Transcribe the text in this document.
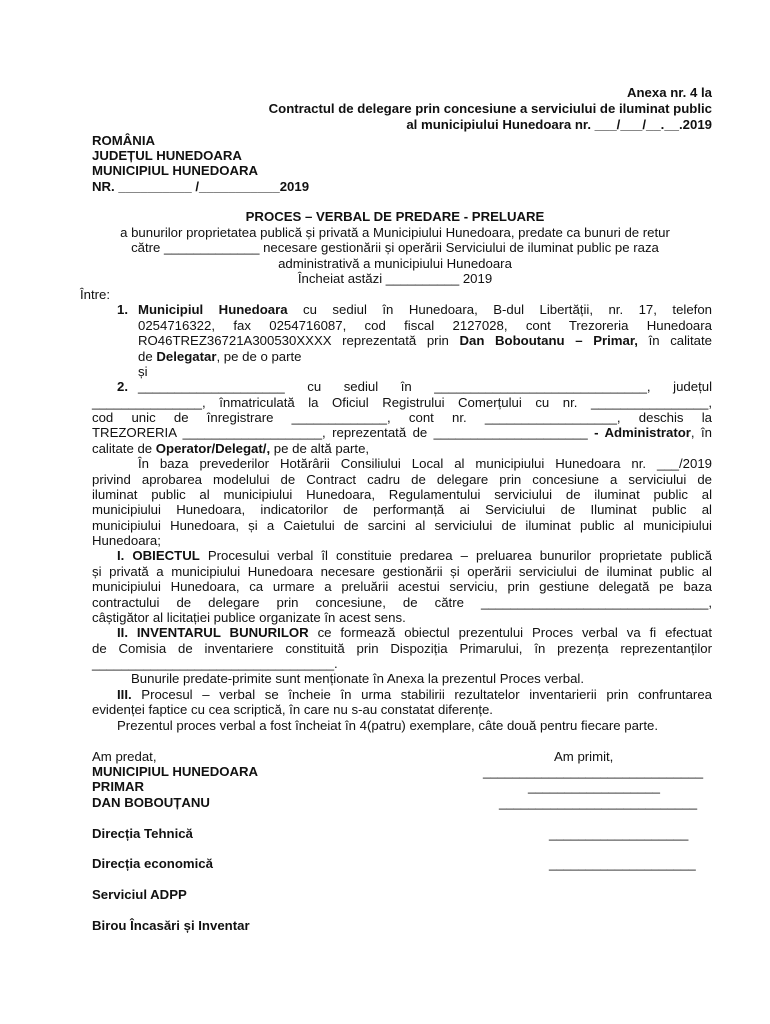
Anexa nr. 4 la
Contractul de delegare prin concesiune a serviciului de iluminat public
al municipiului Hunedoara nr. ___/___/__.__.2019
ROMÂNIA
JUDEȚUL HUNEDOARA
MUNICIPIUL HUNEDOARA
NR. __________ /___________2019
PROCES – VERBAL DE PREDARE - PRELUARE
a bunurilor proprietatea publică și privată a Municipiului Hunedoara, predate ca bunuri de retur
către _____________ necesare gestionării și operării Serviciului de iluminat public pe raza
administrativă a municipiului Hunedoara
Încheiat astăzi __________ 2019
Între:
1. Municipiul Hunedoara cu sediul în Hunedoara, B-dul Libertății, nr. 17, telefon
0254716322, fax 0254716087, cod fiscal 2127028, cont Trezoreria Hunedoara
RO46TREZ36721A300530XXXX reprezentată prin Dan Boboutanu – Primar, în calitate
de Delegatar, pe de o parte
și
2. ____________________ cu sediul în _____________________________, județul
_______________, înmatriculată la Oficiul Registrului Comerțului cu nr. ________________,
cod unic de înregistrare _____________, cont nr. __________________, deschis la
TREZORERIA ___________________, reprezentată de _____________________ - Administrator, în
calitate de Operator/Delegat/, pe de altă parte,
În baza prevederilor Hotărârii Consiliului Local al municipiului Hunedoara nr. ___/2019
privind aprobarea modelului de Contract cadru de delegare prin concesiune a serviciului de
iluminat public al municipiului Hunedoara, Regulamentului serviciului de iluminat public al
municipiului Hunedoara, indicatorilor de performanță ai Serviciului de Iluminat public al
municipiului Hunedoara, și a Caietului de sarcini al serviciului de iluminat public al municipiului
Hunedoara;
I. OBIECTUL Procesului verbal îl constituie predarea – preluarea bunurilor proprietate publică
și privată a municipiului Hunedoara necesare gestionării și operării serviciului de iluminat public al
municipiului Hunedoara, ca urmare a preluării acestui serviciu, prin gestiune delegată pe baza
contractului de delegare prin concesiune, de către _______________________________,
câștigător al licitației publice organizate în acest sens.
II. INVENTARUL BUNURILOR ce formează obiectul prezentului Proces verbal va fi efectuat
de Comisia de inventariere constituită prin Dispoziția Primarului, în prezența reprezentanților
_________________________________.
Bunurile predate-primite sunt menționate în Anexa la prezentul Proces verbal.
III. Procesul – verbal se încheie în urma stabilirii rezultatelor inventarierii prin confruntarea
evidenței faptice cu cea scriptică, în care nu s-au constatat diferențe.
Prezentul proces verbal a fost încheiat în 4(patru) exemplare, câte două pentru fiecare parte.
Am predat,
MUNICIPIUL HUNEDOARA
PRIMAR
DAN BOBOUȚANU
Am primit,
______________________________
__________________
___________________________
Direcția Tehnică	___________________
Direcția economică	____________________
Serviciul ADPP
Birou Încasări și Inventar
